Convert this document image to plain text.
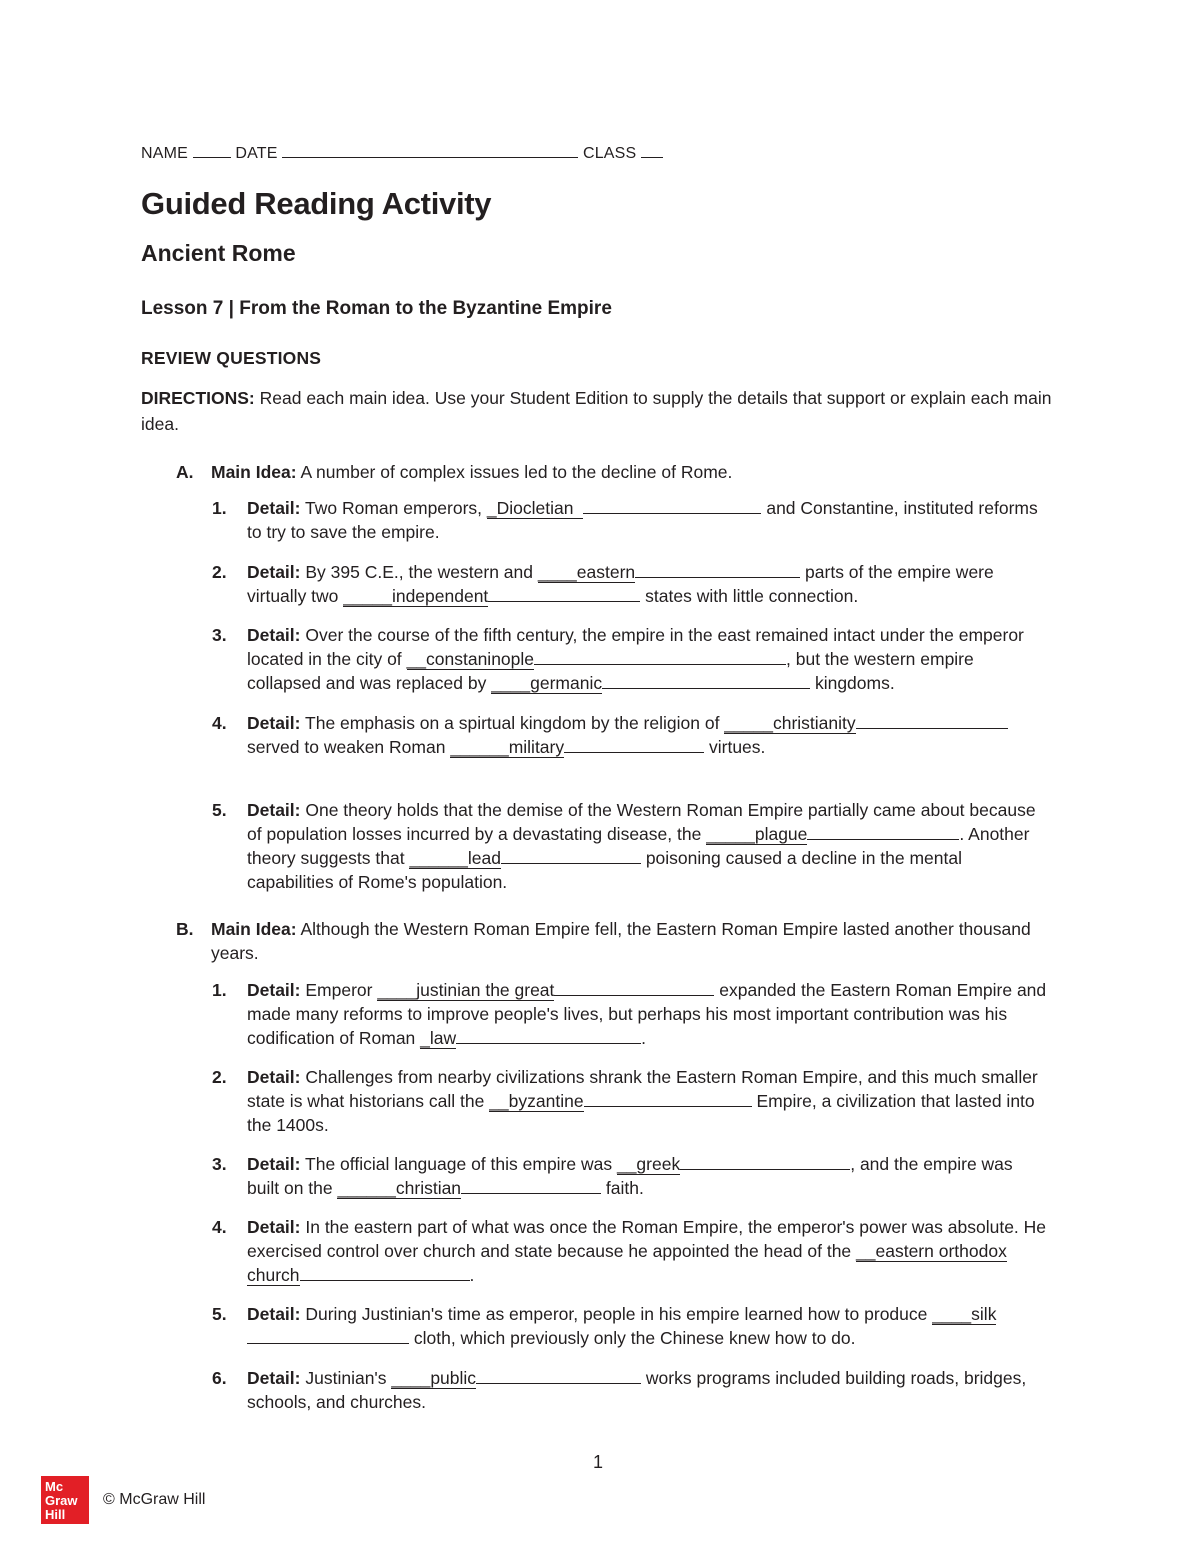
NAME	DATE	CLASS
Guided Reading Activity
Ancient Rome
Lesson 7 | From the Roman to the Byzantine Empire
REVIEW QUESTIONS
DIRECTIONS: Read each main idea. Use your Student Edition to supply the details that support or explain each main idea.
A. Main Idea: A number of complex issues led to the decline of Rome.
1. Detail: Two Roman emperors, _Diocletian	and Constantine, instituted reforms to try to save the empire.
2. Detail: By 395 C.E., the western and ____eastern	parts of the empire were virtually two _____independent	states with little connection.
3. Detail: Over the course of the fifth century, the empire in the east remained intact under the emperor located in the city of __constaninople	, but the western empire collapsed and was replaced by ____germanic	kingdoms.
4. Detail: The emphasis on a spirtual kingdom by the religion of _____christianity served to weaken Roman ______military	virtues.
5. Detail: One theory holds that the demise of the Western Roman Empire partially came about because of population losses incurred by a devastating disease, the _____plague	. Another theory suggests that ______lead	poisoning caused a decline in the mental capabilities of Rome's population.
B. Main Idea: Although the Western Roman Empire fell, the Eastern Roman Empire lasted another thousand years.
1. Detail: Emperor ____justinian the great	expanded the Eastern Roman Empire and made many reforms to improve people's lives, but perhaps his most important contribution was his codification of Roman _law	.
2. Detail: Challenges from nearby civilizations shrank the Eastern Roman Empire, and this much smaller state is what historians call the __byzantine	Empire, a civilization that lasted into the 1400s.
3. Detail: The official language of this empire was __greek	, and the empire was built on the ______christian	faith.
4. Detail: In the eastern part of what was once the Roman Empire, the emperor's power was absolute. He exercised control over church and state because he appointed the head of the __eastern orthodox church	.
5. Detail: During Justinian's time as emperor, people in his empire learned how to produce ____silk cloth, which previously only the Chinese knew how to do.
6. Detail: Justinian's ____public	works programs included building roads, bridges, schools, and churches.
1
Mc
Graw
Hill
© McGraw Hill
